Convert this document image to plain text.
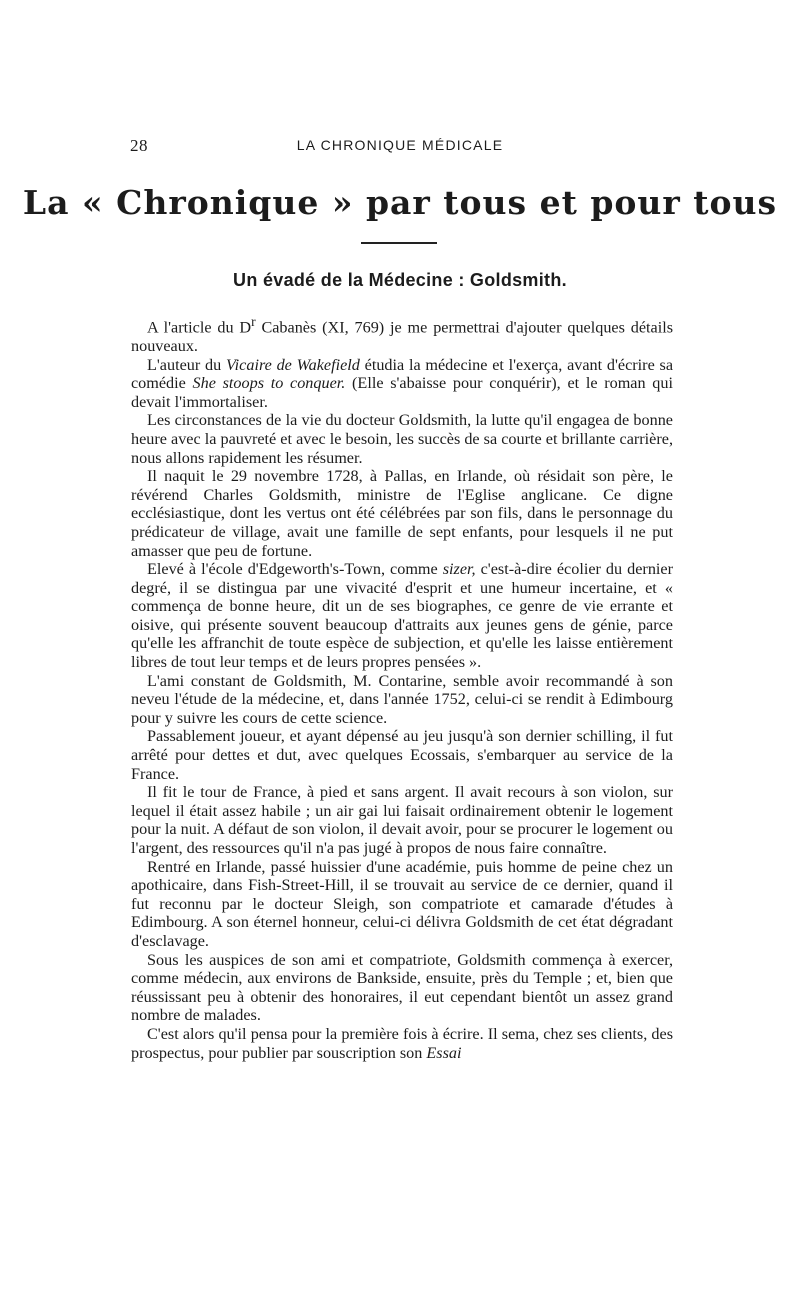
28	LA CHRONIQUE MÉDICALE
La « Chronique » par tous et pour tous
Un évadé de la Médecine : Goldsmith.

A l'article du $D^r$ Cabanès (XI, 769) je me permettrai d'ajouter quelques détails nouveaux.

L'auteur du Vicaire de Wakefield étudia la médecine et l'exerça, avant d'écrire sa comédie She stoops to conquer. (Elle s'abaisse pour conquérir), et le roman qui devait l'immortaliser.

Les circonstances de la vie du docteur Goldsmith, la lutte qu'il engagea de bonne heure avec la pauvreté et avec le besoin, les succès de sa courte et brillante carrière, nous allons rapidement les résumer.

Il naquit le 29 novembre 1728, à Pallas, en Irlande, où résidait son père, le révérend Charles Goldsmith, ministre de l'Eglise anglicane. Ce digne ecclésiastique, dont les vertus ont été célébrées par son fils, dans le personnage du prédicateur de village, avait une famille de sept enfants, pour lesquels il ne put amasser que peu de fortune.

Elevé à l'école d'Edgeworth's-Town, comme sizer, c'est-à-dire écolier du dernier degré, il se distingua par une vivacité d'esprit et une humeur incertaine, et « commença de bonne heure, dit un de ses biographes, ce genre de vie errante et oisive, qui présente souvent beaucoup d'attraits aux jeunes gens de génie, parce qu'elle les affranchit de toute espèce de subjection, et qu'elle les laisse entièrement libres de tout leur temps et de leurs propres pensées ».

L'ami constant de Goldsmith, M. Contarine, semble avoir recommandé à son neveu l'étude de la médecine, et, dans l'année 1752, celui-ci se rendit à Edimbourg pour y suivre les cours de cette science.

Passablement joueur, et ayant dépensé au jeu jusqu'à son dernier schilling, il fut arrêté pour dettes et dut, avec quelques Ecossais, s'embarquer au service de la France.

Il fit le tour de France, à pied et sans argent. Il avait recours à son violon, sur lequel il était assez habile ; un air gai lui faisait ordinairement obtenir le logement pour la nuit. A défaut de son violon, il devait avoir, pour se procurer le logement ou l'argent, des ressources qu'il n'a pas jugé à propos de nous faire connaître.

Rentré en Irlande, passé huissier d'une académie, puis homme de peine chez un apothicaire, dans Fish-Street-Hill, il se trouvait au service de ce dernier, quand il fut reconnu par le docteur Sleigh, son compatriote et camarade d'études à Edimbourg. A son éternel honneur, celui-ci délivra Goldsmith de cet état dégradant d'esclavage.

Sous les auspices de son ami et compatriote, Goldsmith commença à exercer, comme médecin, aux environs de Bankside, ensuite, près du Temple ; et, bien que réussissant peu à obtenir des honoraires, il eut cependant bientôt un assez grand nombre de malades.

C'est alors qu'il pensa pour la première fois à écrire. Il sema, chez ses clients, des prospectus, pour publier par souscription son Essai
